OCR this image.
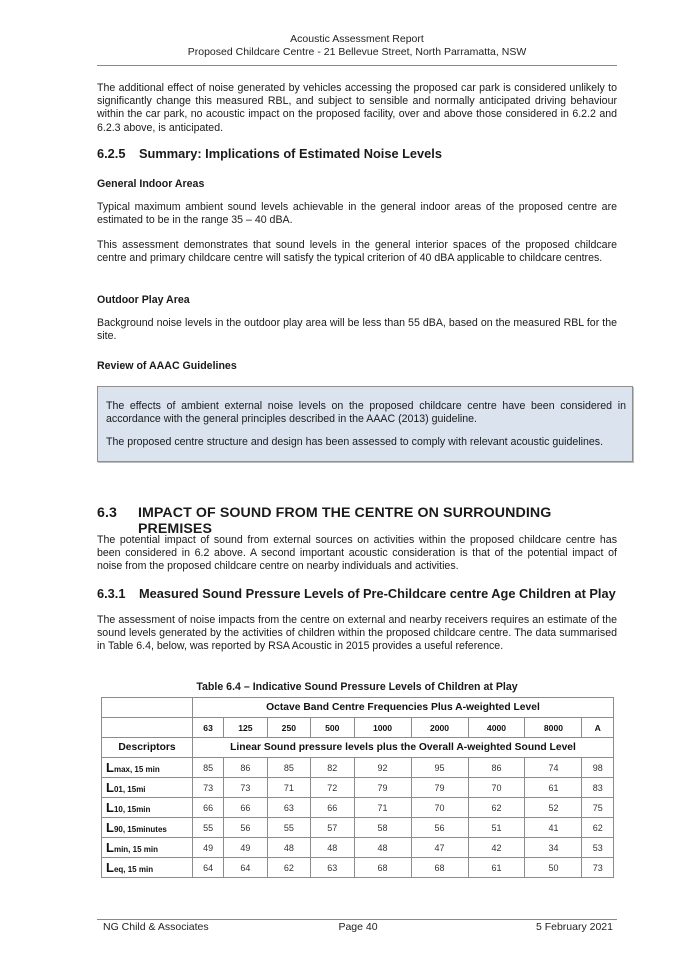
Acoustic Assessment Report
Proposed Childcare Centre - 21 Bellevue Street, North Parramatta, NSW

The additional effect of noise generated by vehicles accessing the proposed car park is considered unlikely to significantly change this measured RBL, and subject to sensible and normally anticipated driving behaviour within the car park, no acoustic impact on the proposed facility, over and above those considered in 6.2.2 and 6.2.3 above, is anticipated.

6.2.5	Summary: Implications of Estimated Noise Levels
General Indoor Areas

Typical maximum ambient sound levels achievable in the general indoor areas of the proposed centre are estimated to be in the range 35 – 40 dBA.

This assessment demonstrates that sound levels in the general interior spaces of the proposed childcare centre and primary childcare centre will satisfy the typical criterion of 40 dBA applicable to childcare centres.

Outdoor Play Area

Background noise levels in the outdoor play area will be less than 55 dBA, based on the measured RBL for the site.

Review of AAAC Guidelines

The effects of ambient external noise levels on the proposed childcare centre have been considered in accordance with the general principles described in the AAAC (2013) guideline.

The proposed centre structure and design has been assessed to comply with relevant acoustic guidelines.

6.3	IMPACT OF SOUND FROM THE CENTRE ON SURROUNDING PREMISES

The potential impact of sound from external sources on activities within the proposed childcare centre has been considered in 6.2 above. A second important acoustic consideration is that of the potential impact of noise from the proposed childcare centre on nearby individuals and activities.

6.3.1	Measured Sound Pressure Levels of Pre-Childcare centre Age Children at Play

The assessment of noise impacts from the centre on external and nearby receivers requires an estimate of the sound levels generated by the activities of children within the proposed childcare centre. The data summarised in Table 6.4, below, was reported by RSA Acoustic in 2015 provides a useful reference.

Table 6.4 – Indicative Sound Pressure Levels of Children at Play

	Octave Band Centre Frequencies Plus A-weighted Level								
	63	125	250	500	1000	2000	4000	8000	A
Descriptors	Linear Sound pressure levels plus the Overall A-weighted Sound Level								
Lmax, 15 min	85	86	85	82	92	95	86	74	98
L01, 15mi	73	73	71	72	79	79	70	61	83
L10, 15min	66	66	63	66	71	70	62	52	75
L90, 15minutes	55	56	55	57	58	56	51	41	62
Lmin, 15 min	49	49	48	48	48	47	42	34	53
Leq, 15 min	64	64	62	63	68	68	61	50	73
NG Child & Associates	Page 40	5 February 2021
